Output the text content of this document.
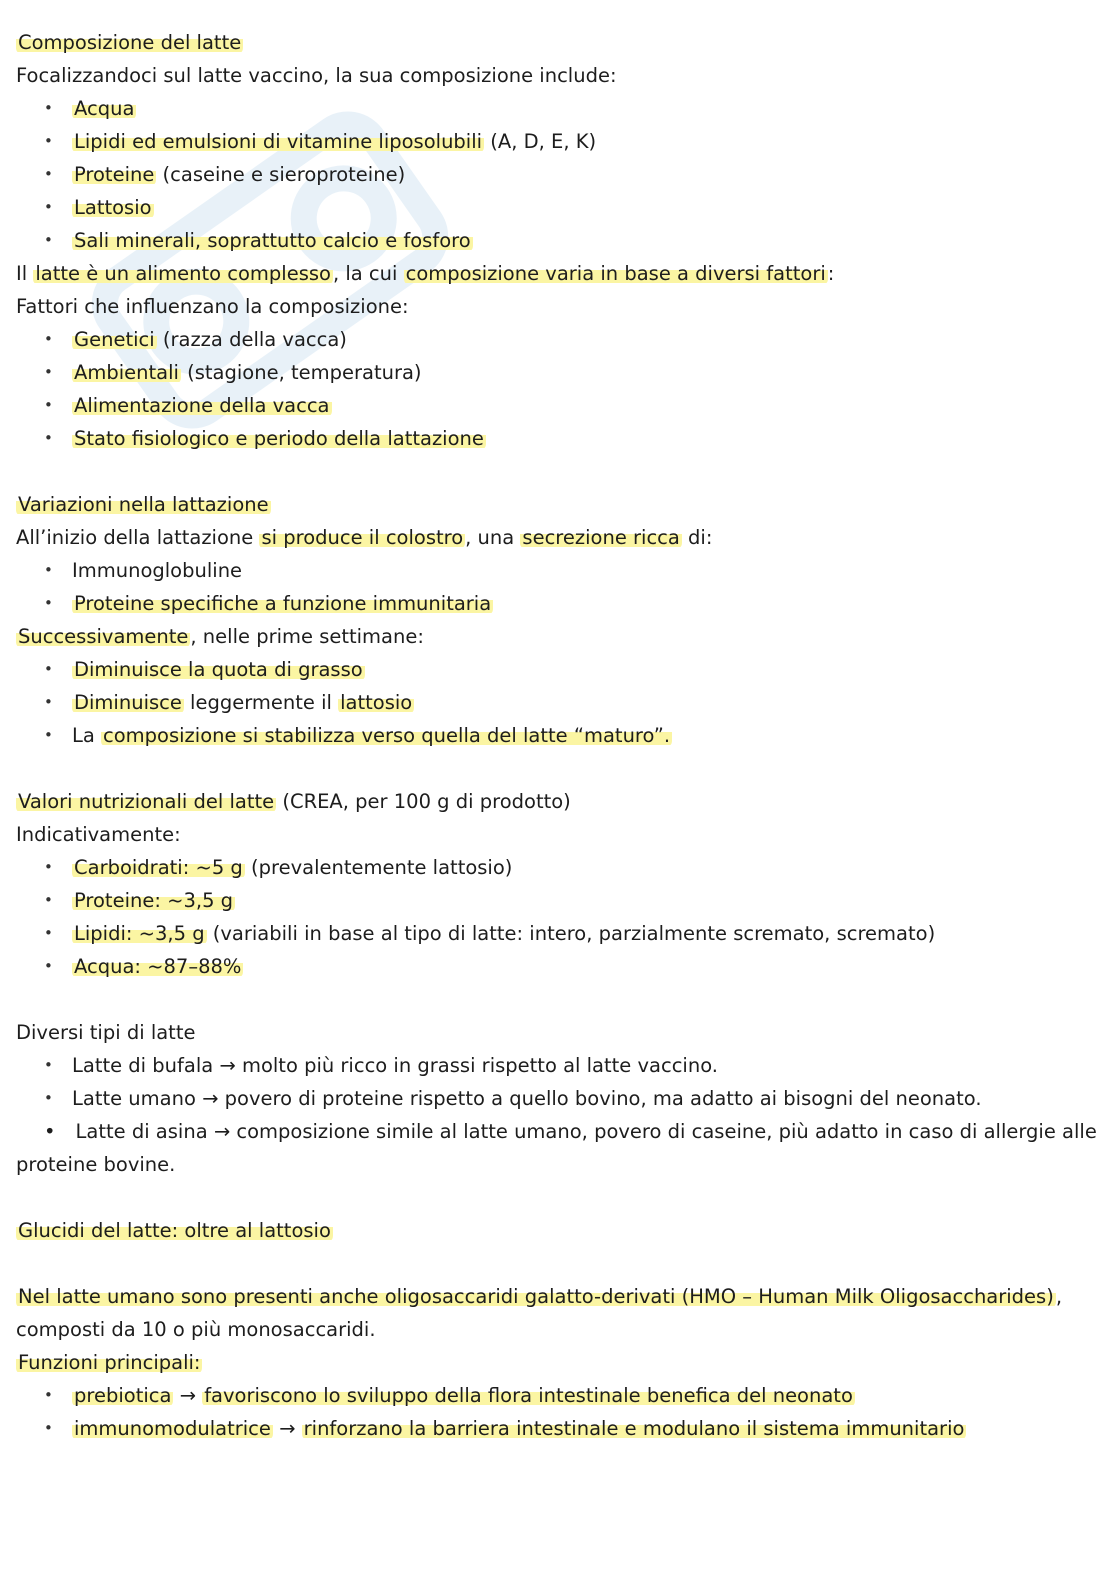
Composizione del latte
Focalizzandoci sul latte vaccino, la sua composizione include:
• Acqua
• Lipidi ed emulsioni di vitamine liposolubili (A, D, E, K)
• Proteine (caseine e sieroproteine)
• Lattosio
• Sali minerali, soprattutto calcio e fosforo
Il latte è un alimento complesso , la cui composizione varia in base a diversi fattori :
Fattori che influenzano la composizione:
• Genetici (razza della vacca)
• Ambientali (stagione, temperatura)
• Alimentazione della vacca
• Stato fisiologico e periodo della lattazione
Variazioni nella lattazione
All’inizio della lattazione si produce il colostro , una secrezione ricca di:
• Immunoglobuline
• Proteine specifiche a funzione immunitaria
Successivamente , nelle prime settimane:
• Diminuisce la quota di grasso
• Diminuisce leggermente il lattosio
• La composizione si stabilizza verso quella del latte “maturo”.
Valori nutrizionali del latte (CREA, per 100 g di prodotto)
Indicativamente:
• Carboidrati: ~5 g (prevalentemente lattosio)
• Proteine: ~3,5 g
• Lipidi: ~3,5 g (variabili in base al tipo di latte: intero, parzialmente scremato, scremato)
• Acqua: ~87–88%
Diversi tipi di latte
• Latte di bufala → molto più ricco in grassi rispetto al latte vaccino.
• Latte umano → povero di proteine rispetto a quello bovino, ma adatto ai bisogni del neonato.
• Latte di asina → composizione simile al latte umano, povero di caseine, più adatto in caso di allergie alle proteine bovine.
Glucidi del latte: oltre al lattosio
Nel latte umano sono presenti anche oligosaccaridi galatto-derivati (HMO – Human Milk Oligosaccharides) , composti da 10 o più monosaccaridi.
Funzioni principali:
• prebiotica → favoriscono lo sviluppo della flora intestinale benefica del neonato
• immunomodulatrice → rinforzano la barriera intestinale e modulano il sistema immunitario
